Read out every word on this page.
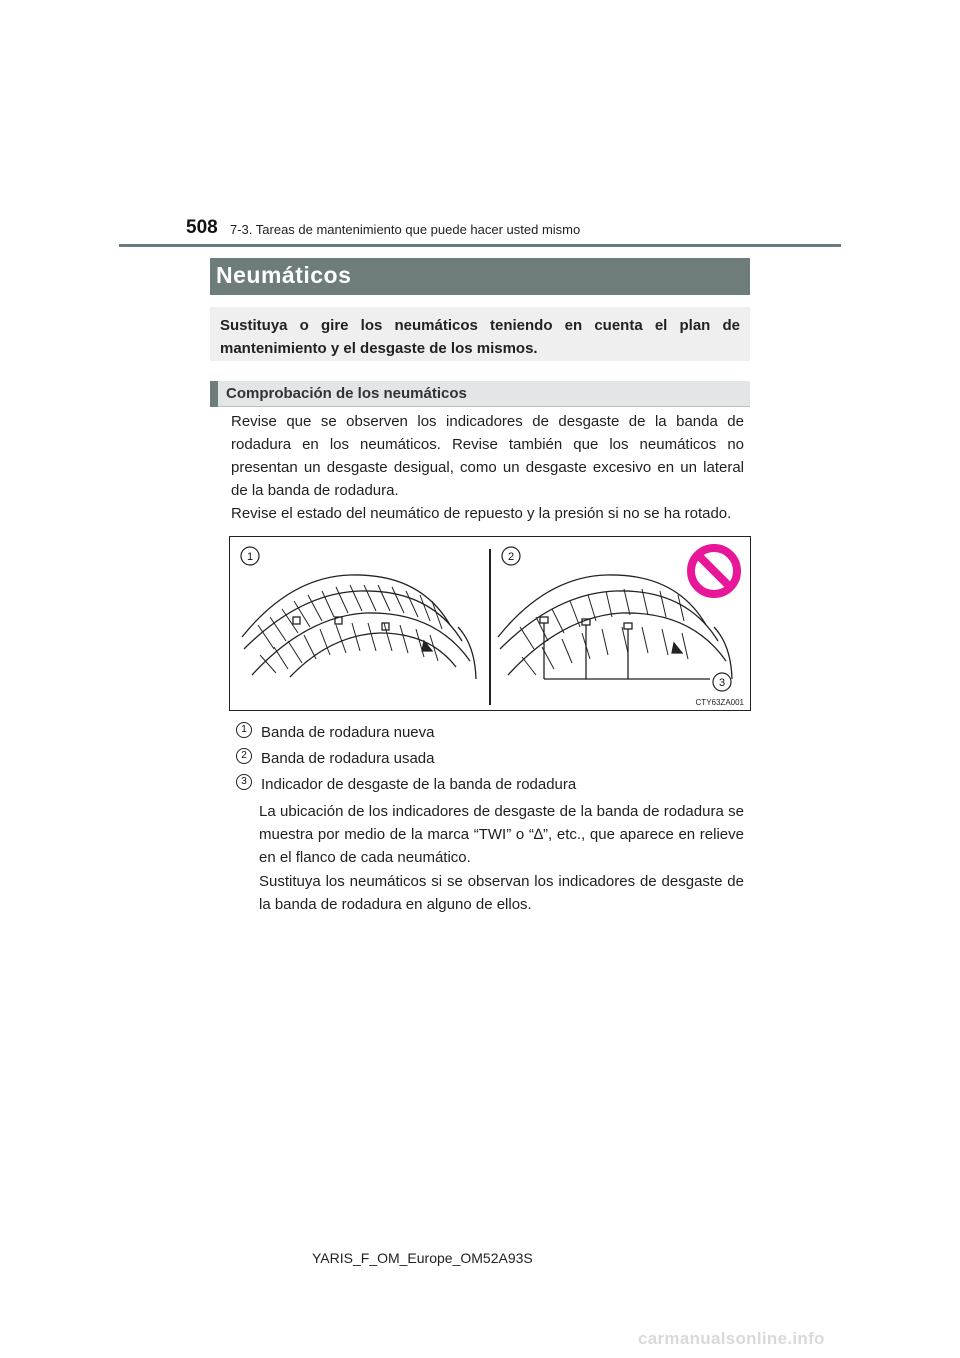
508 7-3. Tareas de mantenimiento que puede hacer usted mismo
Neumáticos
Sustituya o gire los neumáticos teniendo en cuenta el plan de mantenimiento y el desgaste de los mismos.
Comprobación de los neumáticos
Revise que se observen los indicadores de desgaste de la banda de rodadura en los neumáticos. Revise también que los neumáticos no presentan un desgaste desigual, como un desgaste excesivo en un lateral de la banda de rodadura.
Revise el estado del neumático de repuesto y la presión si no se ha rotado.
1	2
3
CTY63ZA001
1 Banda de rodadura nueva
2 Banda de rodadura usada
3 Indicador de desgaste de la banda de rodadura
La ubicación de los indicadores de desgaste de la banda de rodadura se muestra por medio de la marca “TWI” o “∆”, etc., que aparece en relieve en el flanco de cada neumático.
Sustituya los neumáticos si se observan los indicadores de desgaste de la banda de rodadura en alguno de ellos.
YARIS_F_OM_Europe_OM52A93S
carmanualsonline.info
